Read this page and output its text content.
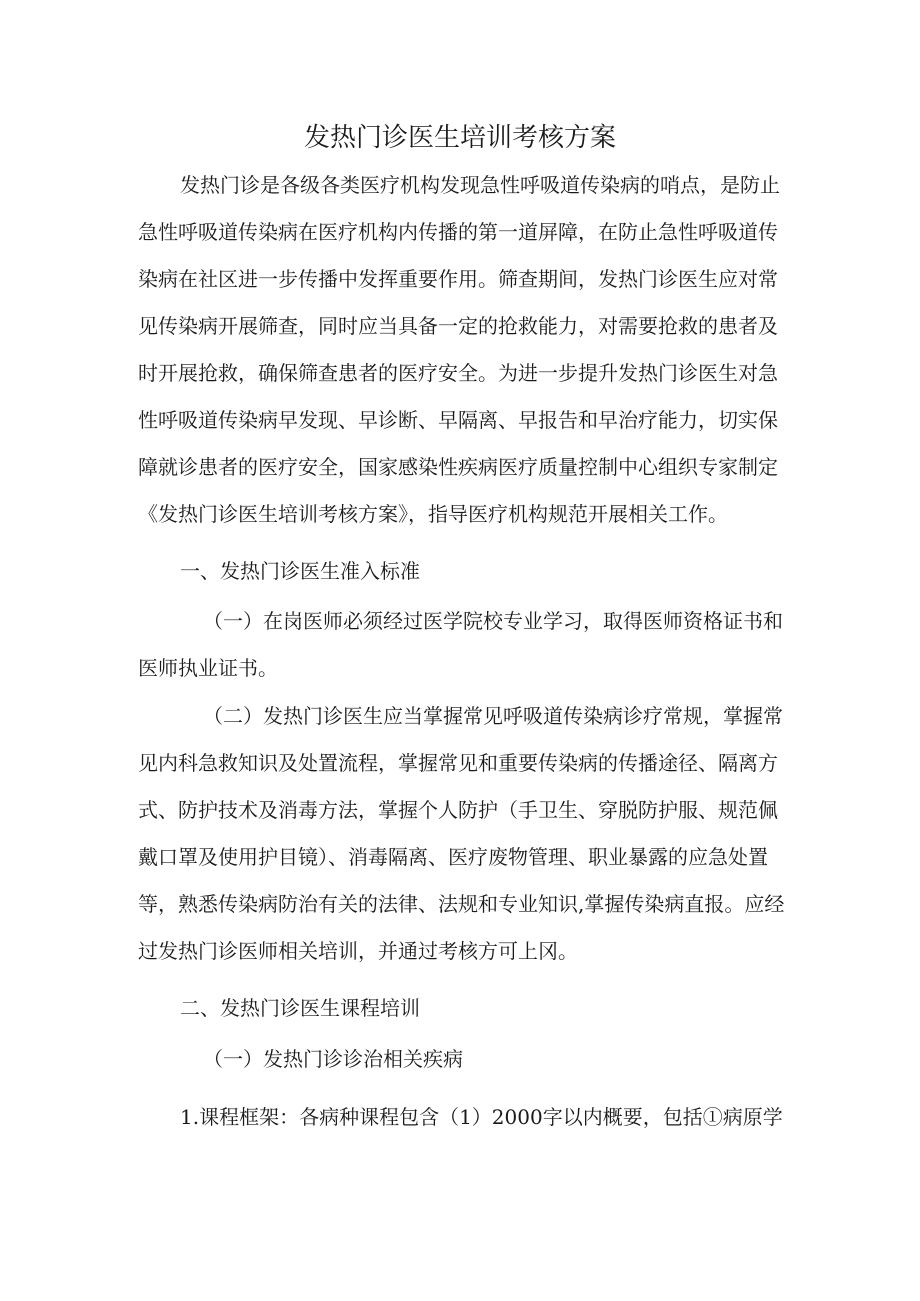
发热门诊医生培训考核方案
发热门诊是各级各类医疗机构发现急性呼吸道传染病的哨点，是防止
急性呼吸道传染病在医疗机构内传播的第一道屏障，在防止急性呼吸道传
染病在社区进一步传播中发挥重要作用。筛查期间，发热门诊医生应对常
见传染病开展筛查，同时应当具备一定的抢救能力，对需要抢救的患者及
时开展抢救，确保筛查患者的医疗安全。为进一步提升发热门诊医生对急
性呼吸道传染病早发现、早诊断、早隔离、早报告和早治疗能力，切实保
障就诊患者的医疗安全，国家感染性疾病医疗质量控制中心组织专家制定
《发热门诊医生培训考核方案》，指导医疗机构规范开展相关工作。
一、发热门诊医生准入标准
（一）在岗医师必须经过医学院校专业学习，取得医师资格证书和
医师执业证书。
（二）发热门诊医生应当掌握常见呼吸道传染病诊疗常规，掌握常
见内科急救知识及处置流程，掌握常见和重要传染病的传播途径、隔离方
式、防护技术及消毒方法，掌握个人防护（手卫生、穿脱防护服、规范佩
戴口罩及使用护目镜）、消毒隔离、医疗废物管理、职业暴露的应急处置
等，熟悉传染病防治有关的法律、法规和专业知识,掌握传染病直报。应经
过发热门诊医师相关培训，并通过考核方可上冈。
二、发热门诊医生课程培训
（一）发热门诊诊治相关疾病
1.课程框架：各病种课程包含（1）2000字以内概要，包括①病原学
